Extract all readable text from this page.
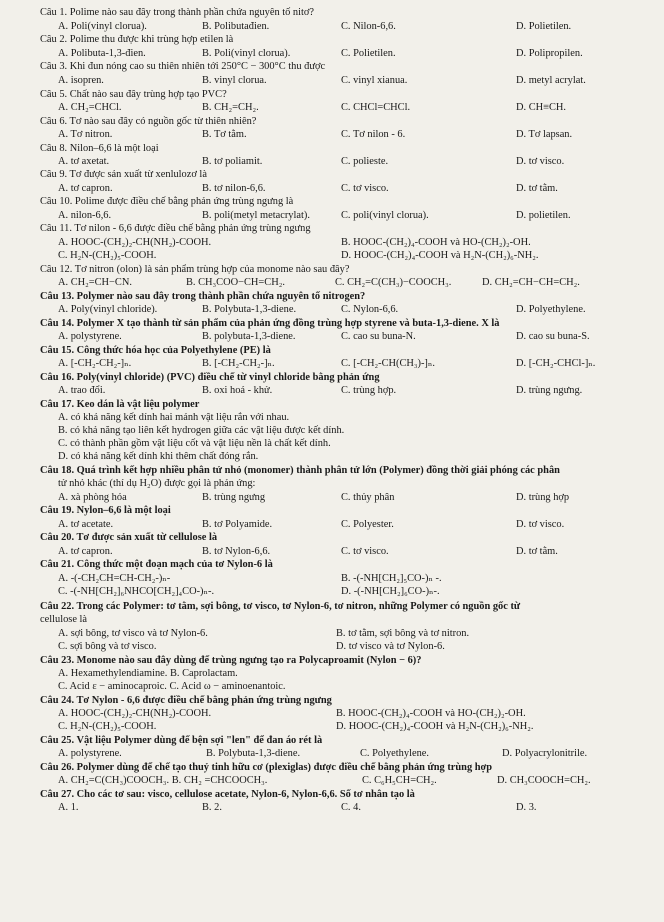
Câu 1. Polime nào sau đây trong thành phần chứa nguyên tố nitơ?
A. Poli(vinyl clorua).	B. Polibutađien.	C. Nilon-6,6.	D. Polietilen.
Câu 2. Polime thu được khi trùng hợp etilen là
A. Polibuta-1,3-đien.	B. Poli(vinyl clorua).	C. Polietilen.	D. Polipropilen.
Câu 3. Khi đun nóng cao su thiên nhiên tới 250°C − 300°C thu được
A. isopren.	B. vinyl clorua.	C. vinyl xianua.	D. metyl acrylat.
Câu 5. Chất nào sau đây trùng hợp tạo PVC?
A. CH₂=CHCl.	B. CH₂=CH₂.	C. CHCl=CHCl.	D. CH≡CH.
Câu 6. Tơ nào sau đây có nguồn gốc từ thiên nhiên?
A. Tơ nitron.	B. Tơ tằm.	C. Tơ nilon - 6.	D. Tơ lapsan.
Câu 8. Nilon–6,6 là một loại
A. tơ axetat.	B. tơ poliamit.	C. polieste.	D. tơ visco.
Câu 9. Tơ được sản xuất từ xenlulozơ là
A. tơ capron.	B. tơ nilon-6,6.	C. tơ visco.	D. tơ tằm.
Câu 10. Polime được điều chế bằng phản ứng trùng ngưng là
A. nilon-6,6.	B. poli(metyl metacrylat).	C. poli(vinyl clorua).	D. polietilen.
Câu 11. Tơ nilon - 6,6 được điều chế bằng phản ứng trùng ngưng
A. HOOC-(CH₂)₂-CH(NH₂)-COOH.	B. HOOC-(CH₂)₄-COOH và HO-(CH₂)₂-OH.
C. H₂N-(CH₂)₅-COOH.	D. HOOC-(CH₂)₄-COOH và H₂N-(CH₂)₆-NH₂.
Câu 12. Tơ nitron (olon) là sản phẩm trùng hợp của monome nào sau đây?
A. CH₂=CH−CN.	B. CH₃COO−CH=CH₂.	C. CH₂=C(CH₃)−COOCH₃.	D. CH₂=CH−CH=CH₂.
Câu 13. Polymer nào sau đây trong thành phần chứa nguyên tố nitrogen?
A. Poly(vinyl chloride).	B. Polybuta-1,3-diene.	C. Nylon-6,6.	D. Polyethylene.
Câu 14. Polymer X tạo thành từ sản phẩm của phản ứng đồng trùng hợp styrene và buta-1,3-diene. X là
A. polystyrene.	B. polybuta-1,3-diene.	C. cao su buna-N.	D. cao su buna-S.
Câu 15. Công thức hóa học của Polyethylene (PE) là
A. [-CH₂-CH₂-]ₙ.	B. [-CH₂-CH₂-]ₙ.	C. [-CH₂-CH(CH₃)-]ₙ.	D. [-CH₂-CHCl-]ₙ.
Câu 16. Poly(vinyl chloride) (PVC) điều chế từ vinyl chloride bằng phản ứng
A. trao đổi.	B. oxi hoá - khử.	C. trùng hợp.	D. trùng ngưng.
Câu 17. Keo dán là vật liệu polymer
A. có khả năng kết dính hai mảnh vật liệu rắn với nhau.
B. có khả năng tạo liên kết hydrogen giữa các vật liệu được kết dính.
C. có thành phần gồm vật liệu cốt và vật liệu nền là chất kết dính.
D. có khả năng kết dính khi thêm chất đóng rắn.
Câu 18. Quá trình kết hợp nhiều phân tử nhỏ (monomer) thành phân tử lớn (Polymer) đồng thời giải phóng các phân
tử nhỏ khác (thí dụ H₂O) được gọi là phản ứng:
A. xà phòng hóa	B. trùng ngưng	C. thủy phân	D. trùng hợp
Câu 19. Nylon–6,6 là một loại
A. tơ acetate.	B. tơ Polyamide.	C. Polyester.	D. tơ visco.
Câu 20. Tơ được sản xuất từ cellulose là
A. tơ capron.	B. tơ Nylon-6,6.	C. tơ visco.	D. tơ tằm.
Câu 21. Công thức một đoạn mạch của tơ Nylon-6 là
A. -(-CH₂CH=CH-CH₂-)ₙ-	B. -(-NH[CH₂]₅CO-)ₙ -.
C. -(-NH[CH₂]₆NHCO[CH₂]₄CO-)ₙ-.	D. -(-NH[CH₂]₆CO-)ₙ-.
Câu 22. Trong các Polymer: tơ tằm, sợi bông, tơ visco, tơ Nylon-6, tơ nitron, những Polymer có nguồn gốc từ
cellulose là
A. sợi bông, tơ visco và tơ Nylon-6.	B. tơ tằm, sợi bông và tơ nitron.
C. sợi bông và tơ visco.	D. tơ visco và tơ Nylon-6.
Câu 23. Monome nào sau đây dùng để trùng ngưng tạo ra Polycaproamit (Nylon − 6)?
A. Hexamethylendiamine. B. Caprolactam.
C. Acid ε − aminocaproic. C. Acid ω − aminoenantoic.
Câu 24. Tơ Nylon - 6,6 được điều chế bằng phản ứng trùng ngưng
A. HOOC-(CH₂)₂-CH(NH₂)-COOH.	B. HOOC-(CH₂)₄-COOH và HO-(CH₂)₂-OH.
C. H₂N-(CH₂)₅-COOH.	D. HOOC-(CH₂)₄-COOH và H₂N-(CH₂)₆-NH₂.
Câu 25. Vật liệu Polymer dùng để bện sợi "len" để đan áo rét là
A. polystyrene.	B. Polybuta-1,3-diene.	C. Polyethylene.	D. Polyacrylonitrile.
Câu 26. Polymer dùng để chế tạo thuỷ tinh hữu cơ (plexiglas) được điều chế bằng phản ứng trùng hợp
A. CH₂=C(CH₃)COOCH₃. B. CH₂ =CHCOOCH₃.	C. C₆H₅CH=CH₂.	D. CH₃COOCH=CH₂.
Câu 27. Cho các tơ sau: visco, cellulose acetate, Nylon-6, Nylon-6,6. Số tơ nhân tạo là
A. 1.	B. 2.	C. 4.	D. 3.
